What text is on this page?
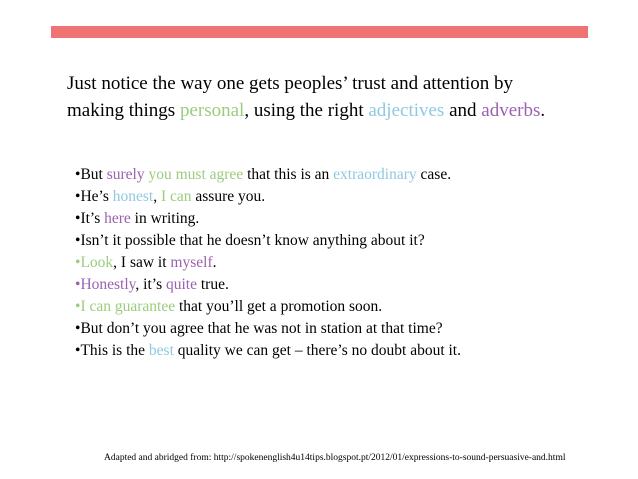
Just notice the way one gets peoples’ trust and attention by
making things personal, using the right adjectives and adverbs.
•But surely you must agree that this is an extraordinary case.
•He’s honest, I can assure you.
•It’s here in writing.
•Isn’t it possible that he doesn’t know anything about it?
•Look, I saw it myself.
•Honestly, it’s quite true.
•I can guarantee that you’ll get a promotion soon.
•But don’t you agree that he was not in station at that time?
•This is the best quality we can get – there’s no doubt about it.
Adapted and abridged from: http://spokenenglish4u14tips.blogspot.pt/2012/01/expressions-to-sound-persuasive-and.html
